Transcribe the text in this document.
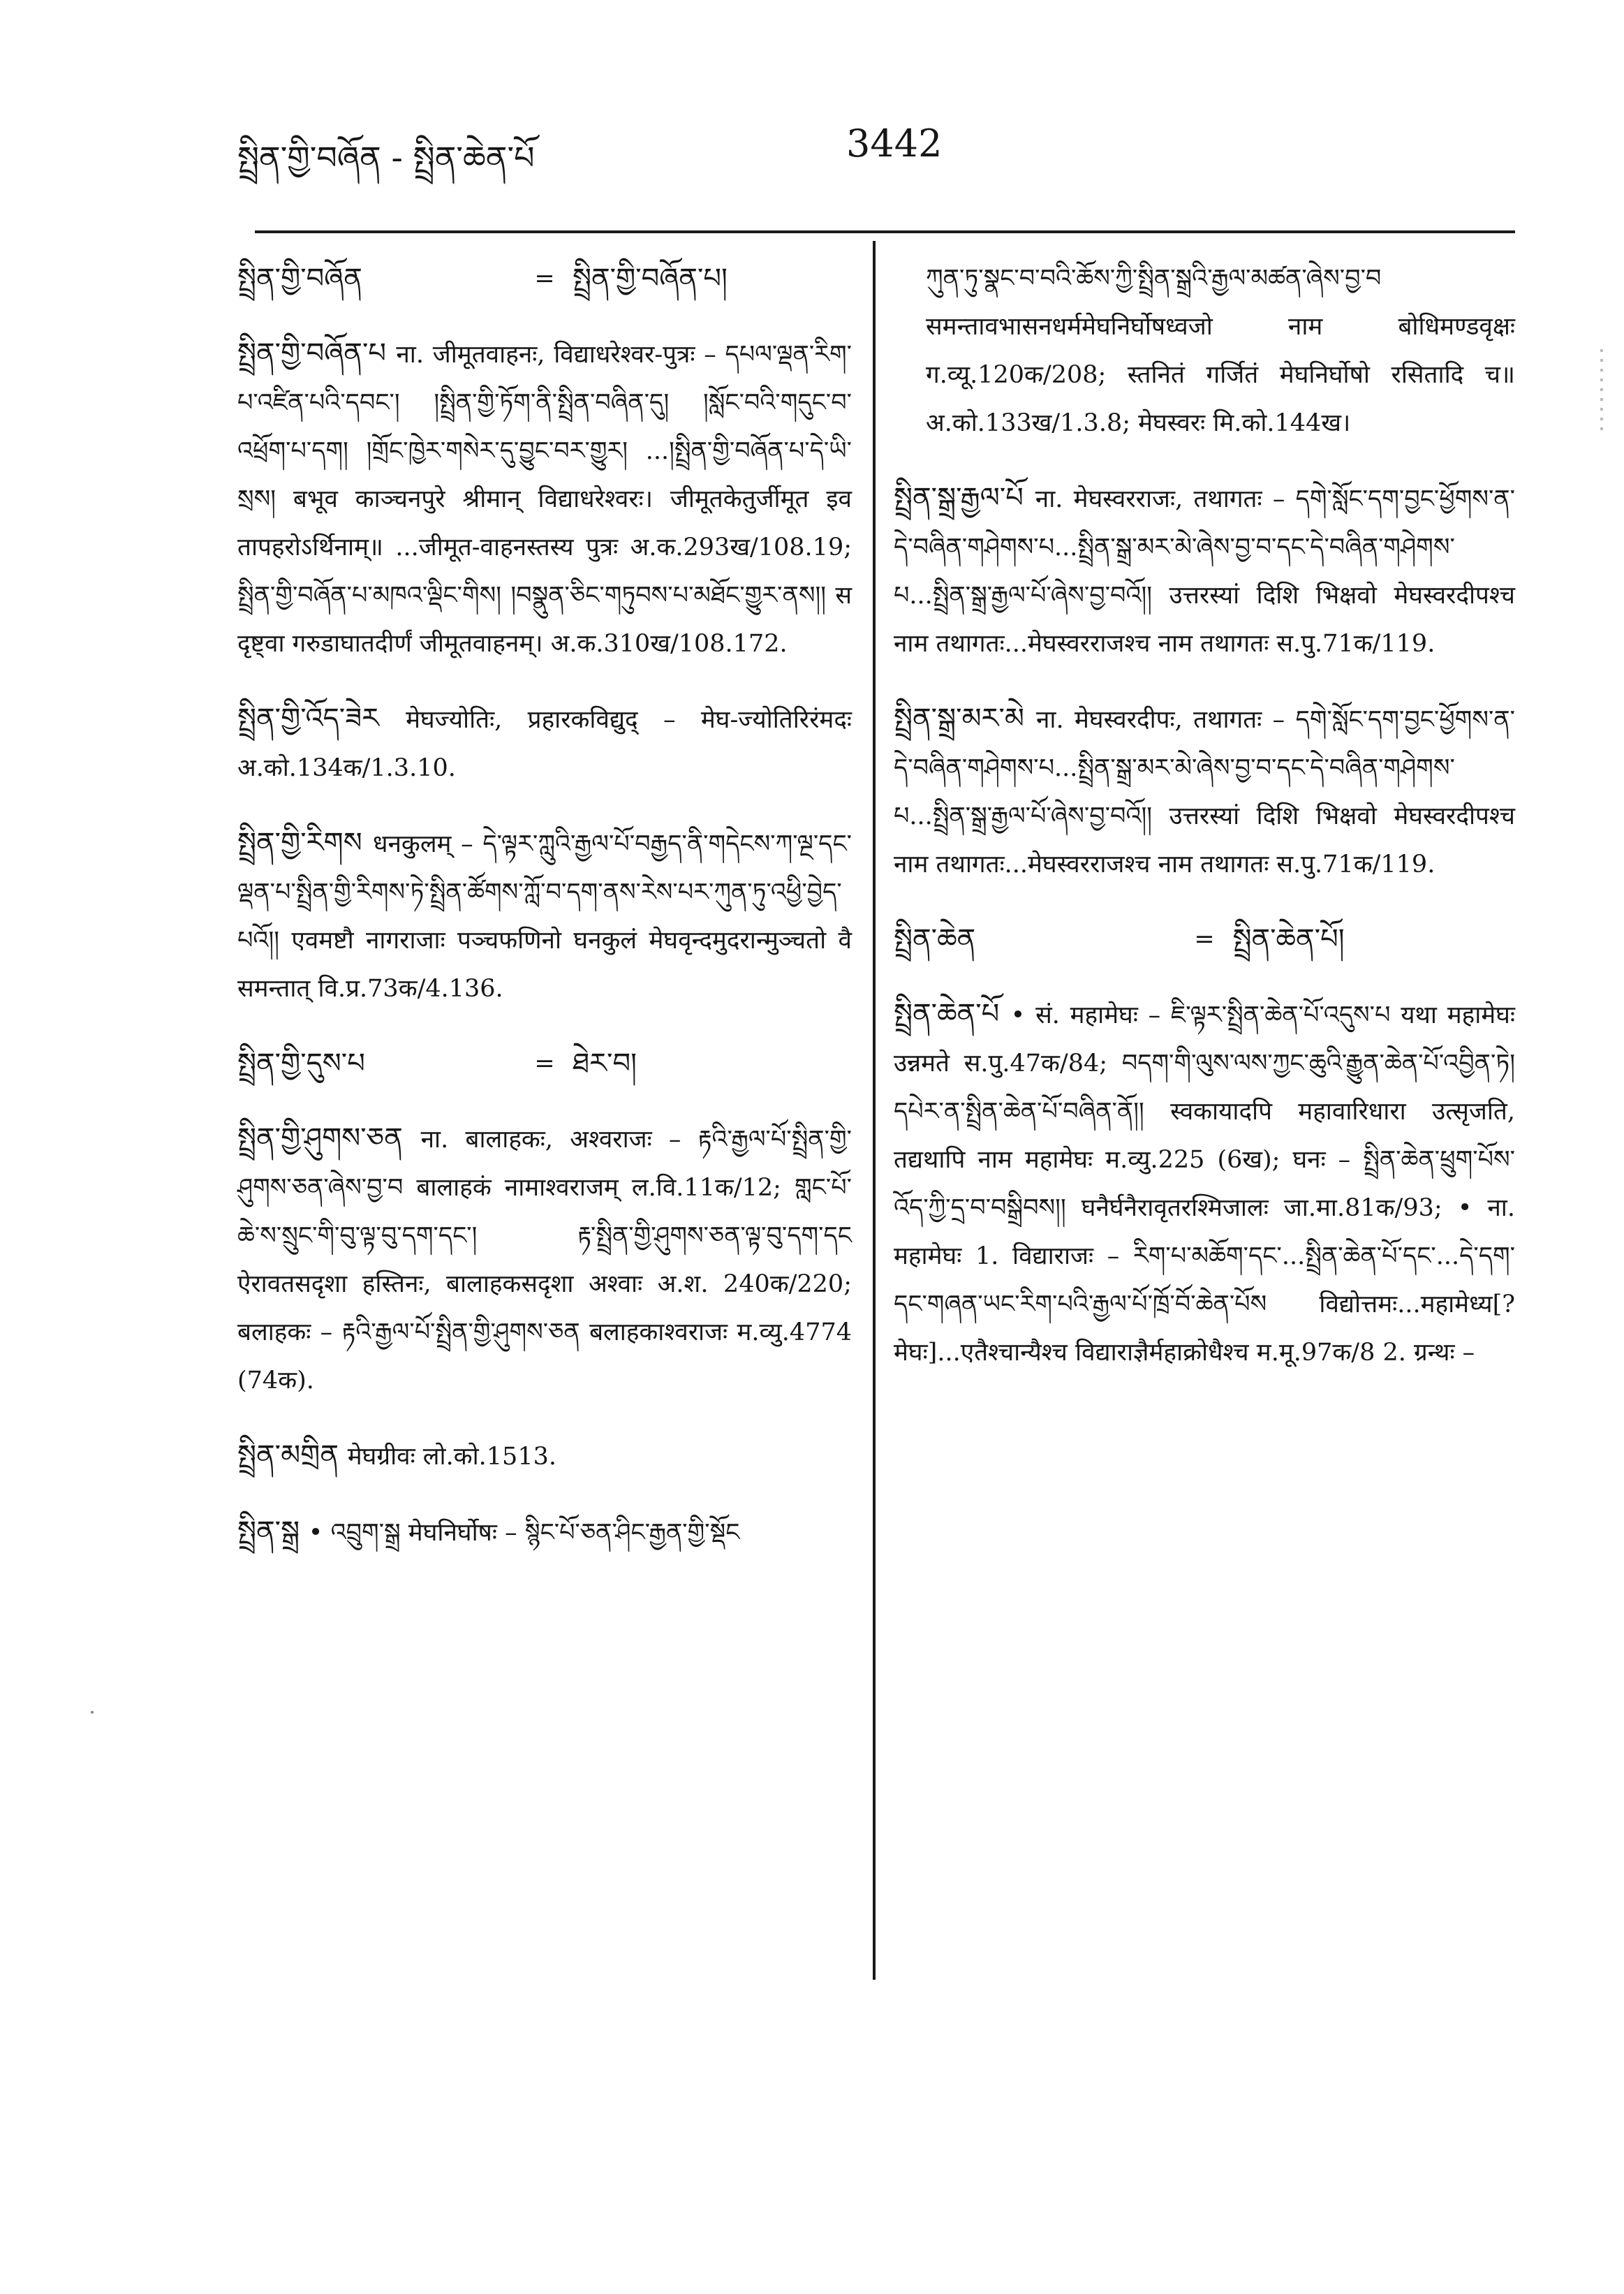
སྤྲིན་གྱི་བཞོན - སྤྲིན་ཆེན་པོ	3442
སྤྲིན་གྱི་བཞོན	= སྤྲིན་གྱི་བཞོན་པ།
སྤྲིན་གྱི་བཞོན་པ ना. जीमूतवाहनः, विद्याधरेश्वर-पुत्रः – དཔལ་ལྡན་རིག་པ་འཛིན་པའི་དབང་། །སྤྲིན་གྱི་ཏོག་ནི་སྤྲིན་བཞིན་དུ། །སློང་བའི་གདུང་བ་འཕྲོག་པ་དག། །གྲོང་ཁྱེར་གསེར་དུ་བྱུང་བར་གྱུར། ...།སྤྲིན་གྱི་བཞོན་པ་དེ་ཡི་སྲས། बभूव काञ्चनपुरे श्रीमान् विद्याधरेश्वरः। जीमूतकेतुर्जीमूत इव तापहरोऽर्थिनाम्॥ ...जीमूत-वाहनस्तस्य पुत्रः अ.क.293ख/108.19; སྤྲིན་གྱི་བཞོན་པ་མཁའ་ལྡིང་གིས། །བསྣུན་ཅིང་གཏུབས་པ་མཐོང་གྱུར་ནས།། स दृष्ट्वा गरुडाघातदीर्णं जीमूतवाहनम्। अ.क.310ख/108.172.
སྤྲིན་གྱི་འོད་ཟེར मेघज्योतिः, प्रहारकविद्युद् – मेघ-ज्योतिरिरंमदः अ.को.134क/1.3.10.
སྤྲིན་གྱི་རིགས धनकुलम् – དེ་ལྟར་ཀླུའི་རྒྱལ་པོ་བརྒྱད་ནི་གདེངས་ཀ་ལྔ་དང་ལྡན་པ་སྤྲིན་གྱི་རིགས་ཏེ་སྤྲིན་ཚོགས་ཀློ་བ་དག་ནས་རེས་པར་ཀུན་ཏུ་འཕྱི་བྱེད་པའོ།། एवमष्टौ नागराजाः पञ्चफणिनो घनकुलं मेघवृन्दमुदरान्मुञ्चतो वै समन्तात् वि.प्र.73क/4.136.
སྤྲིན་གྱི་དུས་པ	= ཐེར་བ།
སྤྲིན་གྱི་ཤུགས་ཅན ना. बालाहकः, अश्वराजः – རྟའི་རྒྱལ་པོ་སྤྲིན་གྱི་ཤུགས་ཅན་ཞེས་བྱ་བ बालाहकं नामाश्वराजम् ल.वि.11क/12; གླང་པོ་ཆེ་ས་སྲུང་གི་བུ་ལྟ་བུ་དག་དང་། རྟ་སྤྲིན་གྱི་ཤུགས་ཅན་ལྟ་བུ་དག་དང ऐरावतसदृशा हस्तिनः, बालाहकसदृशा अश्वाः अ.श. 240क/220; बलाहकः – རྟའི་རྒྱལ་པོ་སྤྲིན་གྱི་ཤུགས་ཅན बलाहकाश्वराजः म.व्यु.4774 (74क).
སྤྲིན་མགྲིན मेघग्रीवः लो.को.1513.
སྤྲིན་སྒྲ • འབྲུག་སྒྲ मेघनिर्घोषः – སྙིང་པོ་ཅན་ཤིང་རྒྱན་གྱི་སྡོང
ཀུན་ཏུ་སྣང་བ་བའི་ཆོས་ཀྱི་སྤྲིན་སྒྲའི་རྒྱལ་མཚན་ཞེས་བྱ་བ समन्तावभासनधर्ममेघनिर्घोषध्वजो नाम बोधिमण्डवृक्षः ग.व्यू.120क/208; स्तनितं गर्जितं मेघनिर्घोषो रसितादि च॥ अ.को.133ख/1.3.8; मेघस्वरः मि.को.144ख।
སྤྲིན་སྒྲ་རྒྱལ་པོ ना. मेघस्वरराजः, तथागतः – དགེ་སློང་དག་བྱང་ཕྱོགས་ན་དེ་བཞིན་གཤེགས་པ...སྤྲིན་སྒྲ་མར་མེ་ཞེས་བྱ་བ་དང་དེ་བཞིན་གཤེགས་པ...སྤྲིན་སྒྲ་རྒྱལ་པོ་ཞེས་བྱ་བའོ།། उत्तरस्यां दिशि भिक्षवो मेघस्वरदीपश्च नाम तथागतः...मेघस्वरराजश्च नाम तथागतः स.पु.71क/119.
སྤྲིན་སྒྲ་མར་མེ ना. मेघस्वरदीपः, तथागतः – དགེ་སློང་དག་བྱང་ཕྱོགས་ན་དེ་བཞིན་གཤེགས་པ...སྤྲིན་སྒྲ་མར་མེ་ཞེས་བྱ་བ་དང་དེ་བཞིན་གཤེགས་པ...སྤྲིན་སྒྲ་རྒྱལ་པོ་ཞེས་བྱ་བའོ།། उत्तरस्यां दिशि भिक्षवो मेघस्वरदीपश्च नाम तथागतः...मेघस्वरराजश्च नाम तथागतः स.पु.71क/119.
སྤྲིན་ཆེན	= སྤྲིན་ཆེན་པོ།
སྤྲིན་ཆེན་པོ • सं. महामेघः – ཇི་ལྟར་སྤྲིན་ཆེན་པོ་འདུས་པ यथा महामेघः उन्नमते स.पु.47क/84; བདག་གི་ལུས་ལས་ཀྱང་ཆུའི་རྒྱུན་ཆེན་པོ་འབྱིན་ཏེ། དཔེར་ན་སྤྲིན་ཆེན་པོ་བཞིན་ནོ།། स्वकायादपि महावारिधारा उत्सृजति, तद्यथापि नाम महामेघः म.व्यु.225 (6ख); घनः – སྤྲིན་ཆེན་ཕྲུག་པོས་འོད་ཀྱི་དྲ་བ་བསྒྲིབས།། घनैर्घनैरावृतरश्मिजालः जा.मा.81क/93; • ना. महामेघः 1. विद्याराजः – རིག་པ་མཆོག་དང་...སྤྲིན་ཆེན་པོ་དང་...དེ་དག་དང་གཞན་ཡང་རིག་པའི་རྒྱལ་པོ་ཁྲོ་བོ་ཆེན་པོས विद्योत्तमः...महामेध्य[?मेघः]...एतैश्चान्यैश्च विद्याराज्ञैर्महाक्रोधैश्च म.मू.97क/8 2. ग्रन्थः –
